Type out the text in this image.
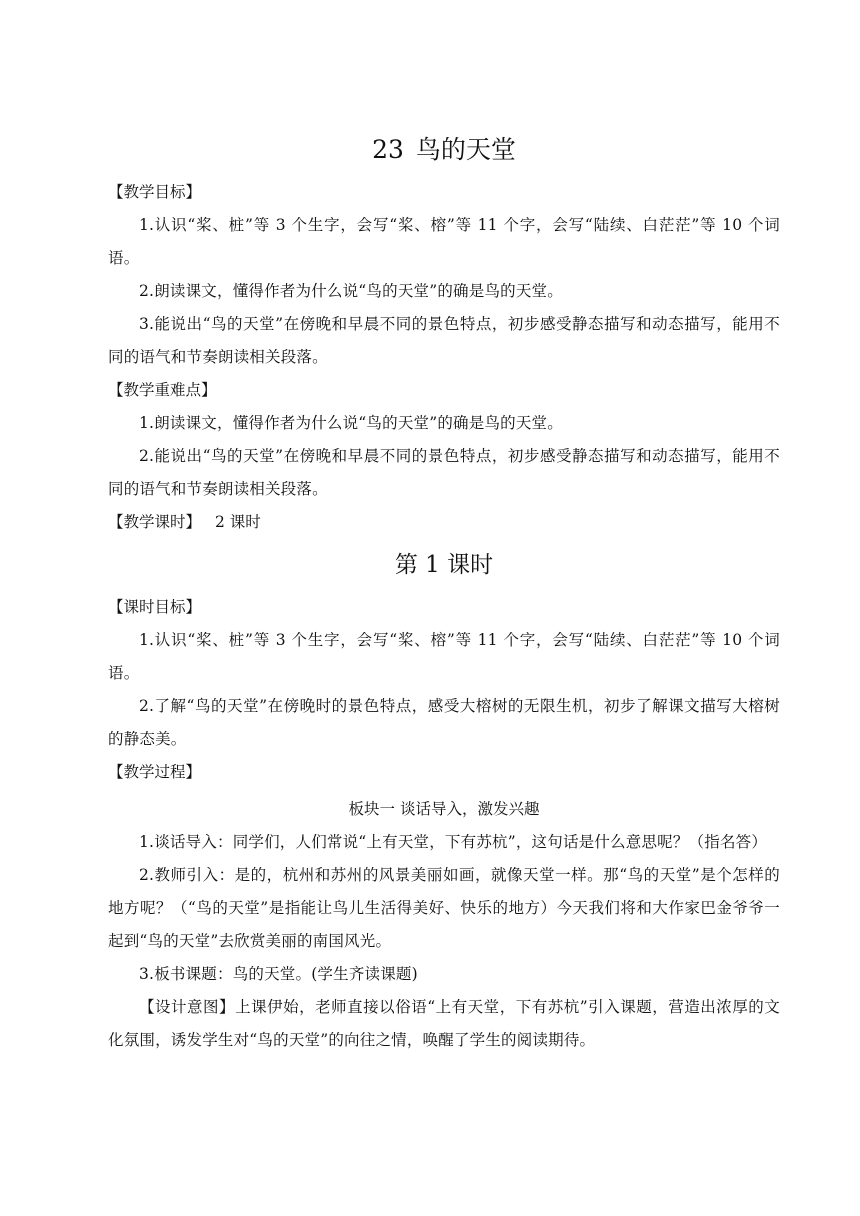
23 鸟的天堂

【教学目标】

1.认识“桨、桩”等 3 个生字，会写“桨、榕”等 11 个字，会写“陆续、白茫茫”等 10 个词语。

2.朗读课文，懂得作者为什么说“鸟的天堂”的确是鸟的天堂。

3.能说出“鸟的天堂”在傍晚和早晨不同的景色特点，初步感受静态描写和动态描写，能用不同的语气和节奏朗读相关段落。

【教学重难点】

1.朗读课文，懂得作者为什么说“鸟的天堂”的确是鸟的天堂。

2.能说出“鸟的天堂”在傍晚和早晨不同的景色特点，初步感受静态描写和动态描写，能用不同的语气和节奏朗读相关段落。

【教学课时】 2 课时

第 1 课时

【课时目标】

1.认识“桨、桩”等 3 个生字，会写“桨、榕”等 11 个字，会写“陆续、白茫茫”等 10 个词语。

2.了解“鸟的天堂”在傍晚时的景色特点，感受大榕树的无限生机，初步了解课文描写大榕树的静态美。

【教学过程】

板块一 谈话导入，激发兴趣

1.谈话导入：同学们，人们常说“上有天堂，下有苏杭”，这句话是什么意思呢？（指名答）

2.教师引入：是的，杭州和苏州的风景美丽如画，就像天堂一样。那“鸟的天堂”是个怎样的地方呢？（“鸟的天堂”是指能让鸟儿生活得美好、快乐的地方）今天我们将和大作家巴金爷爷一起到“鸟的天堂”去欣赏美丽的南国风光。

3.板书课题：鸟的天堂。(学生齐读课题)

【设计意图】上课伊始，老师直接以俗语“上有天堂，下有苏杭”引入课题，营造出浓厚的文化氛围，诱发学生对“鸟的天堂”的向往之情，唤醒了学生的阅读期待。
